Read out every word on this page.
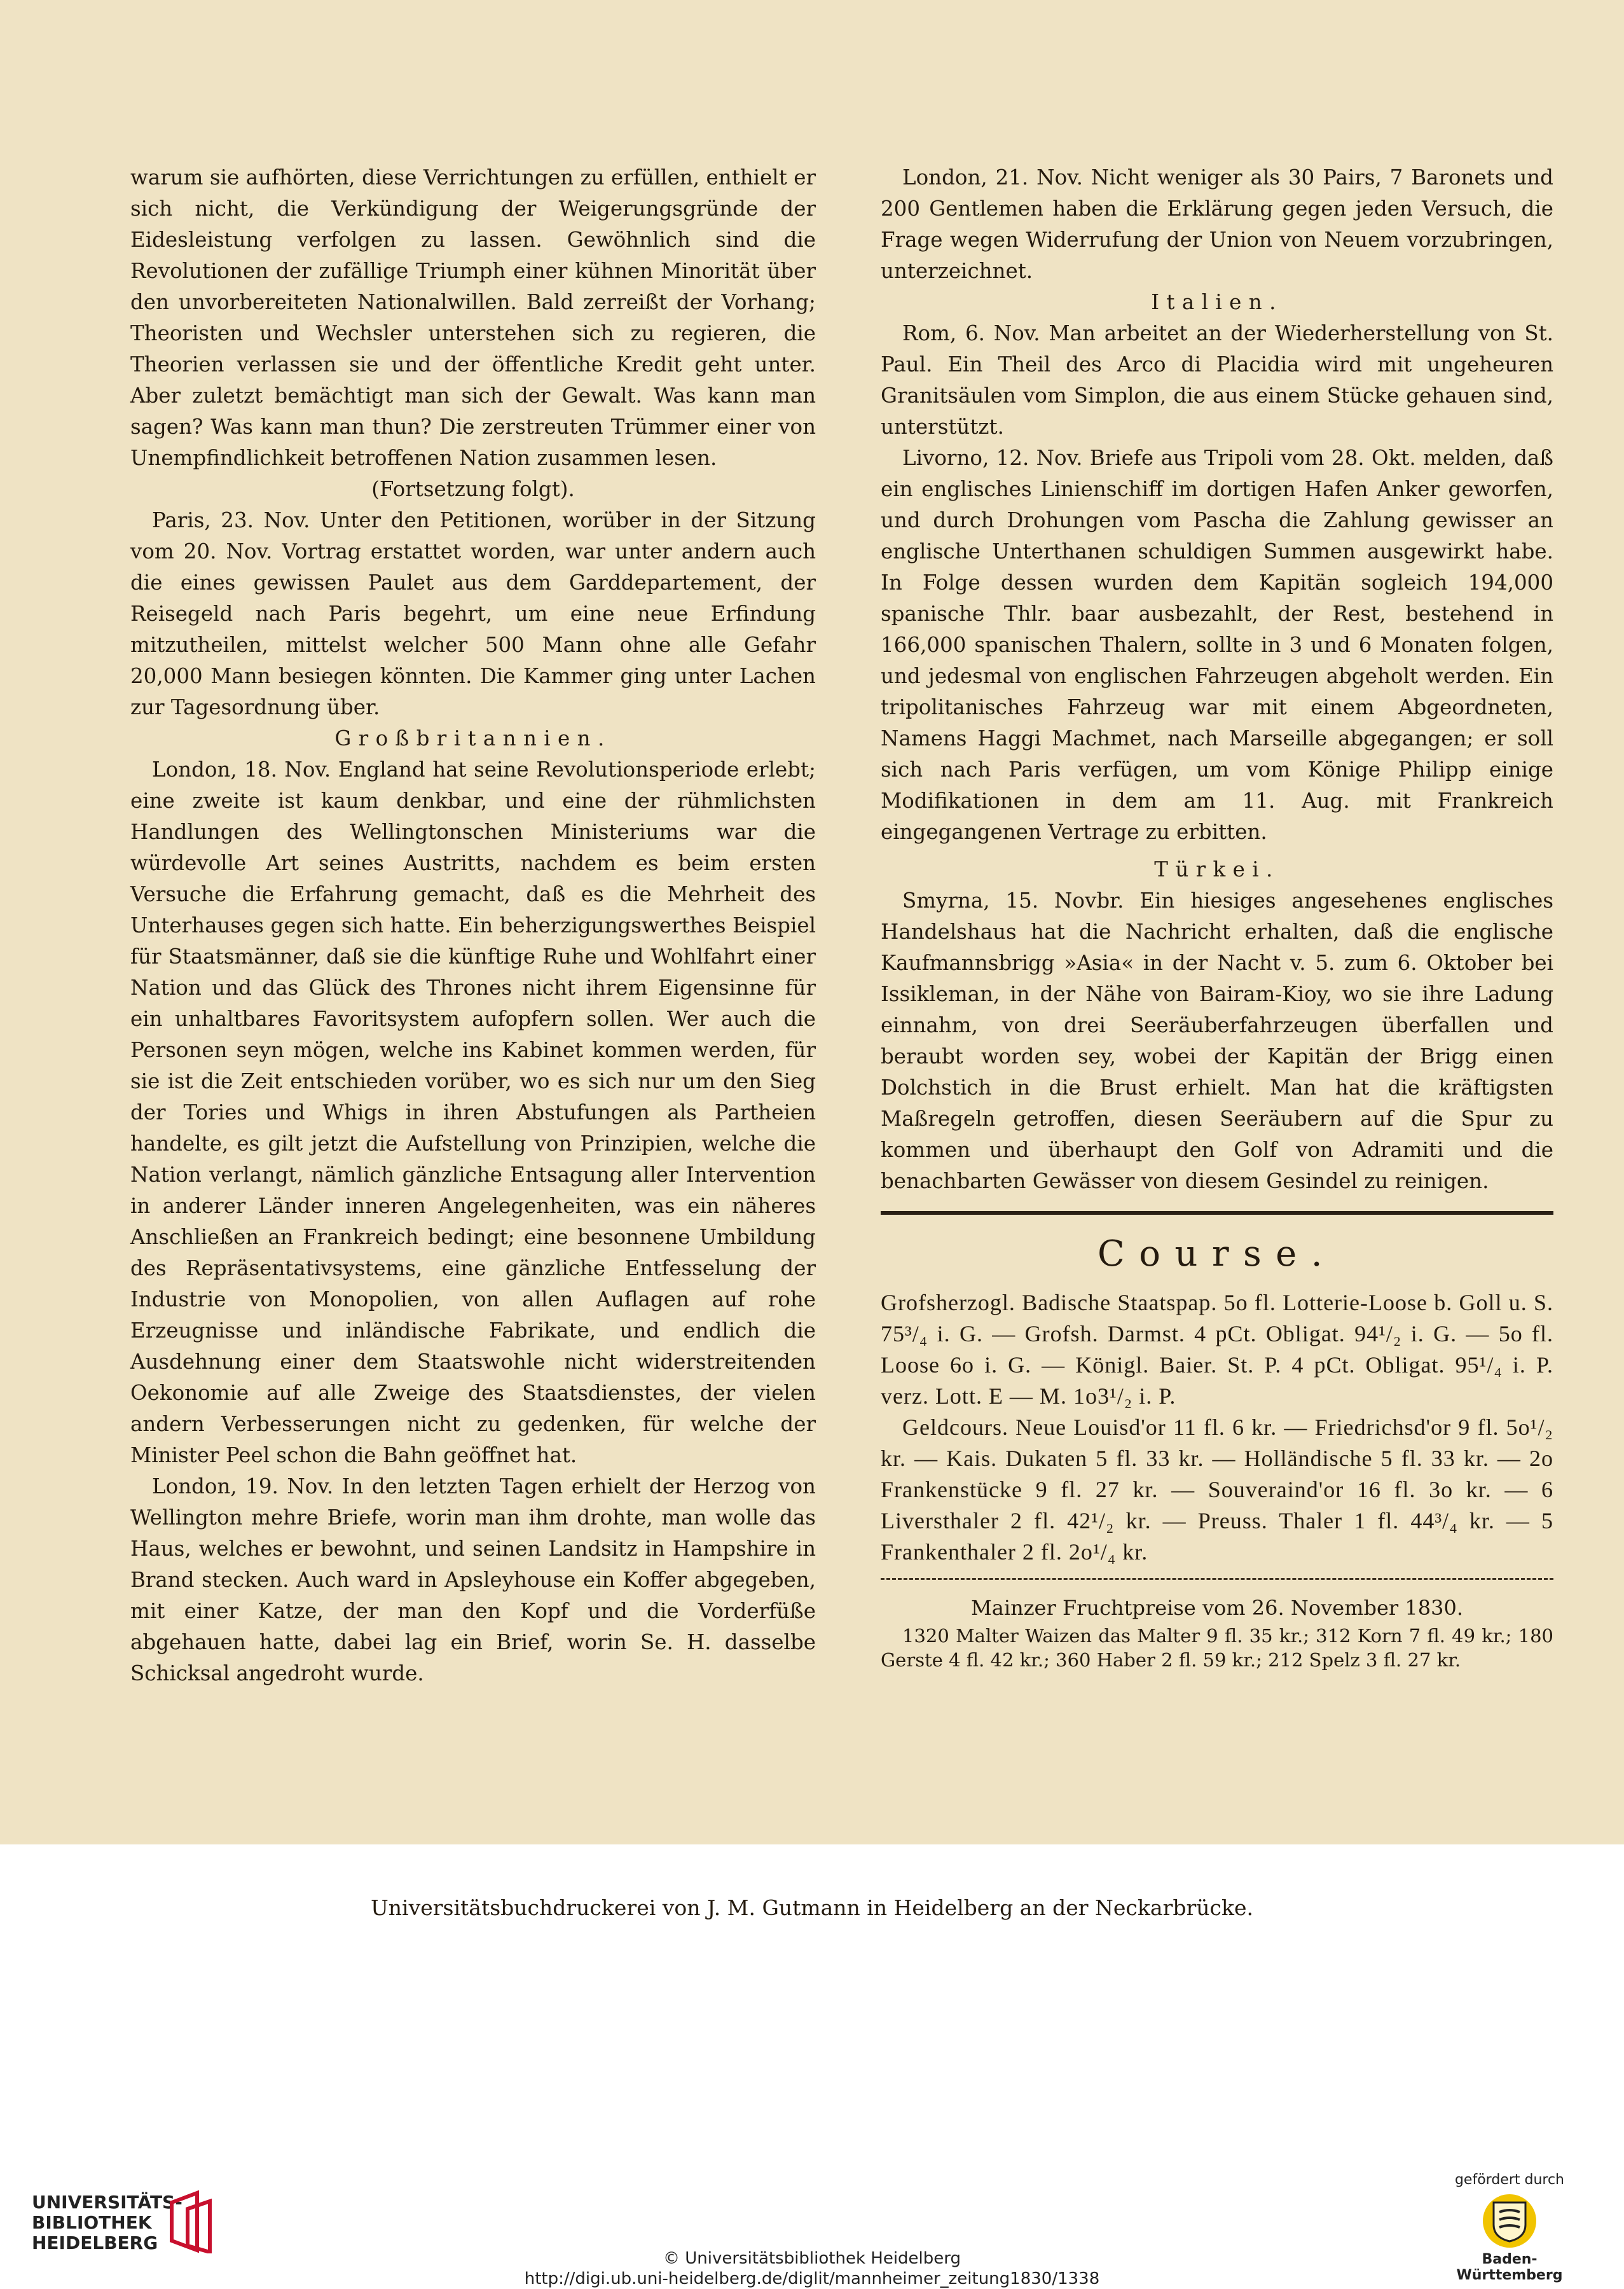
warum sie aufhörten, diese Verrichtungen zu erfüllen, enthielt er sich nicht, die Verkündigung der Weigerungsgründe der Eidesleistung verfolgen zu lassen. Gewöhnlich sind die Revolutionen der zufällige Triumph einer kühnen Minorität über den unvorbereiteten Nationalwillen. Bald zerreißt der Vorhang; Theoristen und Wechsler unterstehen sich zu regieren, die Theorien verlassen sie und der öffentliche Kredit geht unter. Aber zuletzt bemächtigt man sich der Gewalt. Was kann man sagen? Was kann man thun? Die zerstreuten Trümmer einer von Unempfindlichkeit betroffenen Nation zusammen lesen.

(Fortsetzung folgt).

Paris, 23. Nov. Unter den Petitionen, worüber in der Sitzung vom 20. Nov. Vortrag erstattet worden, war unter andern auch die eines gewissen Paulet aus dem Garddepartement, der Reisegeld nach Paris begehrt, um eine neue Erfindung mitzutheilen, mittelst welcher 500 Mann ohne alle Gefahr 20,000 Mann besiegen könnten. Die Kammer ging unter Lachen zur Tagesordnung über.

Großbritannien.

London, 18. Nov. England hat seine Revolutionsperiode erlebt; eine zweite ist kaum denkbar, und eine der rühmlichsten Handlungen des Wellingtonschen Ministeriums war die würdevolle Art seines Austritts, nachdem es beim ersten Versuche die Erfahrung gemacht, daß es die Mehrheit des Unterhauses gegen sich hatte. Ein beherzigungswerthes Beispiel für Staatsmänner, daß sie die künftige Ruhe und Wohlfahrt einer Nation und das Glück des Thrones nicht ihrem Eigensinne für ein unhaltbares Favoritsystem aufopfern sollen. Wer auch die Personen seyn mögen, welche ins Kabinet kommen werden, für sie ist die Zeit entschieden vorüber, wo es sich nur um den Sieg der Tories und Whigs in ihren Abstufungen als Partheien handelte, es gilt jetzt die Aufstellung von Prinzipien, welche die Nation verlangt, nämlich gänzliche Entsagung aller Intervention in anderer Länder inneren Angelegenheiten, was ein näheres Anschließen an Frankreich bedingt; eine besonnene Umbildung des Repräsentativsystems, eine gänzliche Entfesselung der Industrie von Monopolien, von allen Auflagen auf rohe Erzeugnisse und inländische Fabrikate, und endlich die Ausdehnung einer dem Staatswohle nicht widerstreitenden Oekonomie auf alle Zweige des Staatsdienstes, der vielen andern Verbesserungen nicht zu gedenken, für welche der Minister Peel schon die Bahn geöffnet hat.

London, 19. Nov. In den letzten Tagen erhielt der Herzog von Wellington mehre Briefe, worin man ihm drohte, man wolle das Haus, welches er bewohnt, und seinen Landsitz in Hampshire in Brand stecken. Auch ward in Apsleyhouse ein Koffer abgegeben, mit einer Katze, der man den Kopf und die Vorderfüße abgehauen hatte, dabei lag ein Brief, worin Se. H. dasselbe Schicksal angedroht wurde.

London, 21. Nov. Nicht weniger als 30 Pairs, 7 Baronets und 200 Gentlemen haben die Erklärung gegen jeden Versuch, die Frage wegen Widerrufung der Union von Neuem vorzubringen, unterzeichnet.

Italien.

Rom, 6. Nov. Man arbeitet an der Wiederherstellung von St. Paul. Ein Theil des Arco di Placidia wird mit ungeheuren Granitsäulen vom Simplon, die aus einem Stücke gehauen sind, unterstützt.

Livorno, 12. Nov. Briefe aus Tripoli vom 28. Okt. melden, daß ein englisches Linienschiff im dortigen Hafen Anker geworfen, und durch Drohungen vom Pascha die Zahlung gewisser an englische Unterthanen schuldigen Summen ausgewirkt habe. In Folge dessen wurden dem Kapitän sogleich 194,000 spanische Thlr. baar ausbezahlt, der Rest, bestehend in 166,000 spanischen Thalern, sollte in 3 und 6 Monaten folgen, und jedesmal von englischen Fahrzeugen abgeholt werden. Ein tripolitanisches Fahrzeug war mit einem Abgeordneten, Namens Haggi Machmet, nach Marseille abgegangen; er soll sich nach Paris verfügen, um vom Könige Philipp einige Modifikationen in dem am 11. Aug. mit Frankreich eingegangenen Vertrage zu erbitten.

Türkei.

Smyrna, 15. Novbr. Ein hiesiges angesehenes englisches Handelshaus hat die Nachricht erhalten, daß die englische Kaufmannsbrigg »Asia« in der Nacht v. 5. zum 6. Oktober bei Issikleman, in der Nähe von Bairam-Kioy, wo sie ihre Ladung einnahm, von drei Seeräuberfahrzeugen überfallen und beraubt worden sey, wobei der Kapitän der Brigg einen Dolchstich in die Brust erhielt. Man hat die kräftigsten Maßregeln getroffen, diesen Seeräubern auf die Spur zu kommen und überhaupt den Golf von Adramiti und die benachbarten Gewässer von diesem Gesindel zu reinigen.

Course.

Grofsherzogl. Badische Staatspap. 5o fl. Lotterie-Loose b. Goll u. S. 75³/₄ i. G. — Grofsh. Darmst. 4 pCt. Obligat. 94¹/₂ i. G. — 5o fl. Loose 6o i. G. — Königl. Baier. St. P. 4 pCt. Obligat. 95¹/₄ i. P. verz. Lott. E — M. 1o3¹/₂ i. P.

Geldcours. Neue Louisd'or 11 fl. 6 kr. — Friedrichsd'or 9 fl. 5o¹/₂ kr. — Kais. Dukaten 5 fl. 33 kr. — Holländische 5 fl. 33 kr. — 2o Frankenstücke 9 fl. 27 kr. — Souveraind'or 16 fl. 3o kr. — 6 Liversthaler 2 fl. 42¹/₂ kr. — Preuss. Thaler 1 fl. 44³/₄ kr. — 5 Frankenthaler 2 fl. 2o¹/₄ kr.

Mainzer Fruchtpreise vom 26. November 1830.

1320 Malter Waizen das Malter 9 fl. 35 kr.; 312 Korn 7 fl. 49 kr.; 180 Gerste 4 fl. 42 kr.; 360 Haber 2 fl. 59 kr.; 212 Spelz 3 fl. 27 kr.

Universitätsbuchdruckerei von J. M. Gutmann in Heidelberg an der Neckarbrücke.
UNIVERSITÄTS-
BIBLIOTHEK
HEIDELBERG
© Universitätsbibliothek Heidelberg
http://digi.ub.uni-heidelberg.de/diglit/mannheimer_zeitung1830/1338
gefördert durch
Baden-Württemberg
